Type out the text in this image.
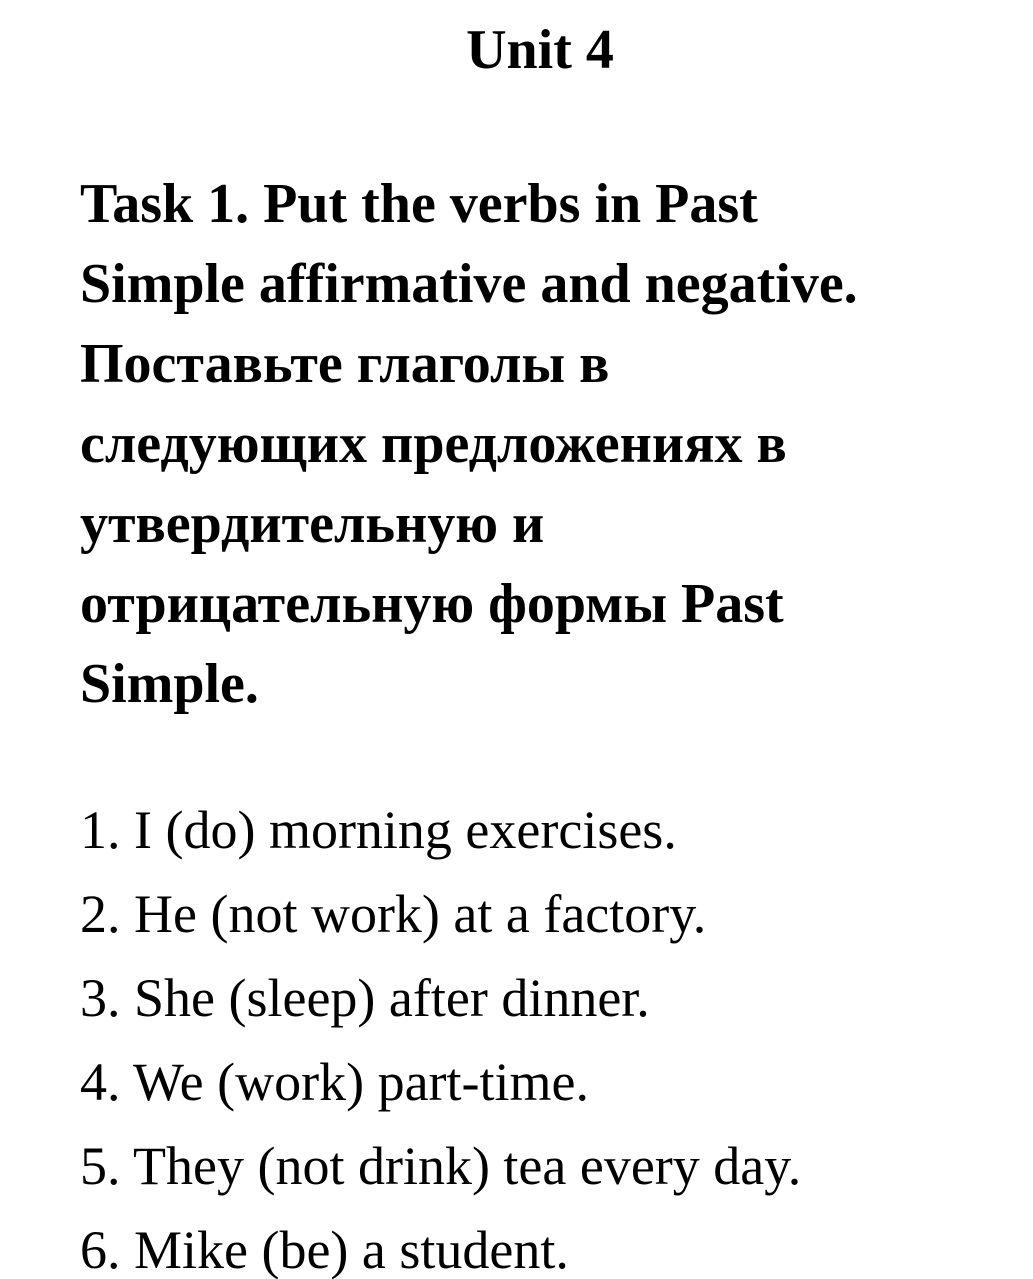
Unit 4
Task 1. Put the verbs in Past
Simple affirmative and negative.
Поставьте глаголы в
следующих предложениях в
утвердительную и
отрицательную формы Past
Simple.
1. I (do) morning exercises.
2. He (not work) at a factory.
3. She (sleep) after dinner.
4. We (work) part-time.
5. They (not drink) tea every day.
6. Mike (be) a student.
